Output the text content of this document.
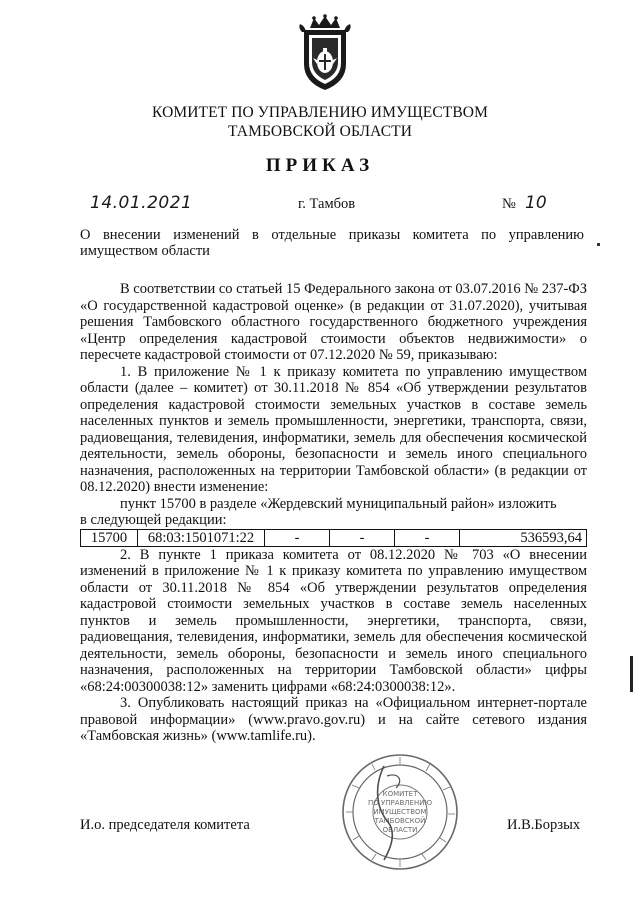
КОМИТЕТ ПО УПРАВЛЕНИЮ ИМУЩЕСТВОМ
ТАМБОВСКОЙ ОБЛАСТИ
ПРИКАЗ
14.01.2021	г. Тамбов	№ 10
О внесении изменений в отдельные приказы комитета по управлению имуществом области

В соответствии со статьей 15 Федерального закона от 03.07.2016 № 237-ФЗ «О государственной кадастровой оценке» (в редакции от 31.07.2020), учитывая решения Тамбовского областного государственного бюджетного учреждения «Центр определения кадастровой стоимости объектов недвижимости» о пересчете кадастровой стоимости от 07.12.2020 № 59, приказываю:

1. В приложение № 1 к приказу комитета по управлению имуществом области (далее – комитет) от 30.11.2018 № 854 «Об утверждении результатов определения кадастровой стоимости земельных участков в составе земель населенных пунктов и земель промышленности, энергетики, транспорта, связи, радиовещания, телевидения, информатики, земель для обеспечения космической деятельности, земель обороны, безопасности и земель иного специального назначения, расположенных на территории Тамбовской области» (в редакции от 08.12.2020) внести изменение:

пункт 15700 в разделе «Жердевский муниципальный район» изложить

в следующей редакции:

15700	68:03:1501071:22	-	-	-	536593,64

2. В пункте 1 приказа комитета от 08.12.2020 № 703 «О внесении изменений в приложение № 1 к приказу комитета по управлению имуществом области от 30.11.2018 № 854 «Об утверждении результатов определения кадастровой стоимости земельных участков в составе земель населенных пунктов и земель промышленности, энергетики, транспорта, связи, радиовещания, телевидения, информатики, земель для обеспечения космической деятельности, земель обороны, безопасности и земель иного специального назначения, расположенных на территории Тамбовской области» цифры «68:24:00300038:12» заменить цифрами «68:24:0300038:12».

3. Опубликовать настоящий приказ на «Официальном интернет-портале правовой информации» (www.pravo.gov.ru) и на сайте сетевого издания «Тамбовская жизнь» (www.tamlife.ru).

И.о. председателя комитета	И.В.Борзых
КОМИТЕТ
ПО УПРАВЛЕНИЮ
ИМУЩЕСТВОМ
ТАМБОВСКОЙ
ОБЛАСТИ
